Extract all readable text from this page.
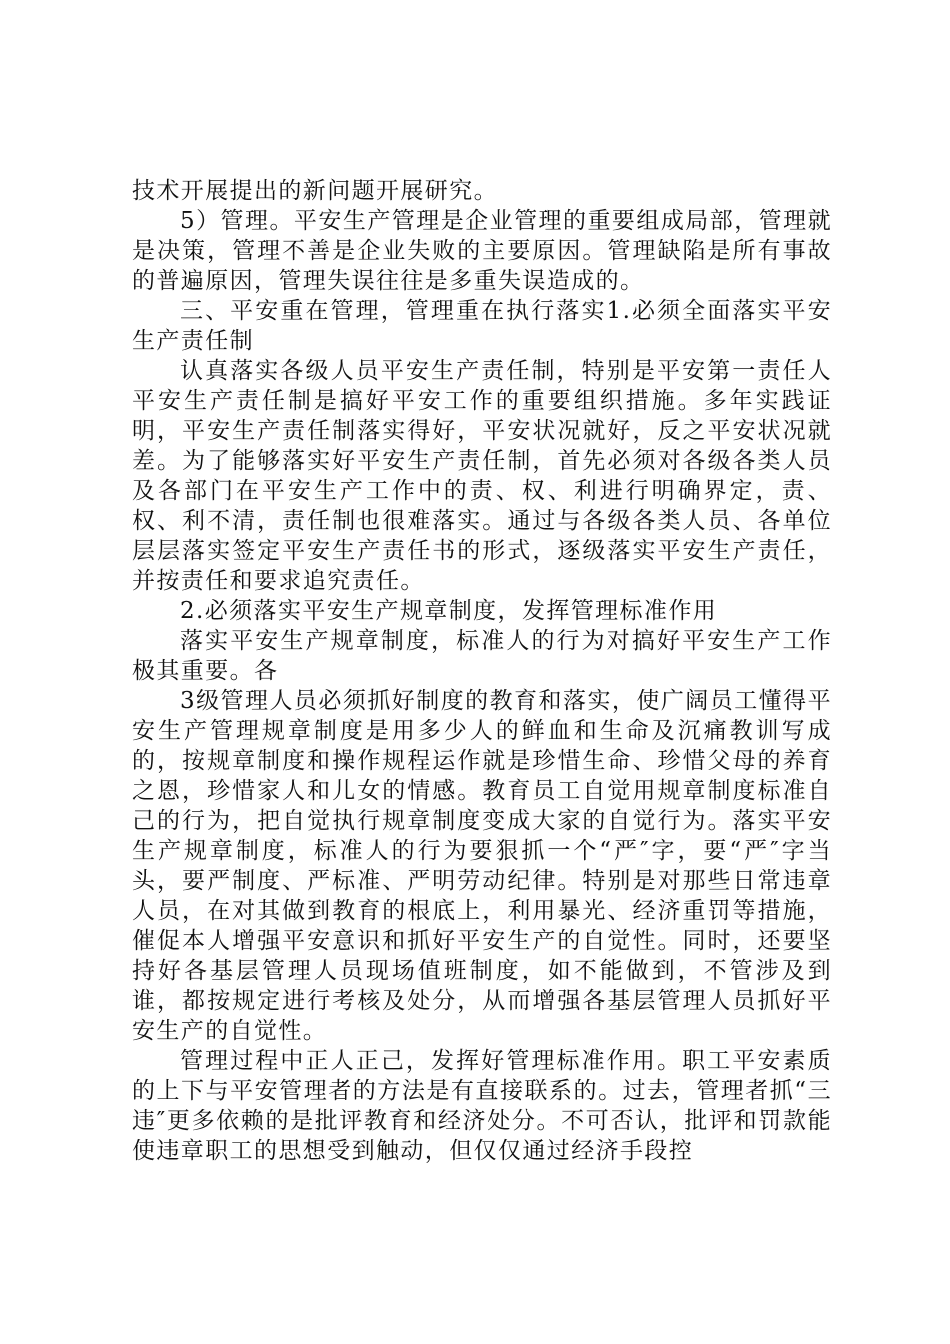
技术开展提出的新问题开展研究。

5）管理。平安生产管理是企业管理的重要组成局部，管理就是决策，管理不善是企业失败的主要原因。管理缺陷是所有事故的普遍原因，管理失误往往是多重失误造成的。

三、平安重在管理，管理重在执行落实1.必须全面落实平安生产责任制

认真落实各级人员平安生产责任制，特别是平安第一责任人平安生产责任制是搞好平安工作的重要组织措施。多年实践证明，平安生产责任制落实得好，平安状况就好，反之平安状况就差。为了能够落实好平安生产责任制，首先必须对各级各类人员及各部门在平安生产工作中的责、权、利进行明确界定，责、权、利不清，责任制也很难落实。通过与各级各类人员、各单位层层落实签定平安生产责任书的形式，逐级落实平安生产责任，并按责任和要求追究责任。

2.必须落实平安生产规章制度，发挥管理标准作用

落实平安生产规章制度，标准人的行为对搞好平安生产工作极其重要。各

3级管理人员必须抓好制度的教育和落实，使广阔员工懂得平安生产管理规章制度是用多少人的鲜血和生命及沉痛教训写成的，按规章制度和操作规程运作就是珍惜生命、珍惜父母的养育之恩，珍惜家人和儿女的情感。教育员工自觉用规章制度标准自己的行为，把自觉执行规章制度变成大家的自觉行为。落实平安生产规章制度，标准人的行为要狠抓一个“严″字，要“严″字当头，要严制度、严标准、严明劳动纪律。特别是对那些日常违章人员，在对其做到教育的根底上，利用暴光、经济重罚等措施，催促本人增强平安意识和抓好平安生产的自觉性。同时，还要坚持好各基层管理人员现场值班制度，如不能做到，不管涉及到谁，都按规定进行考核及处分，从而增强各基层管理人员抓好平安生产的自觉性。

管理过程中正人正己，发挥好管理标准作用。职工平安素质的上下与平安管理者的方法是有直接联系的。过去，管理者抓“三违″更多依赖的是批评教育和经济处分。不可否认，批评和罚款能使违章职工的思想受到触动，但仅仅通过经济手段控
